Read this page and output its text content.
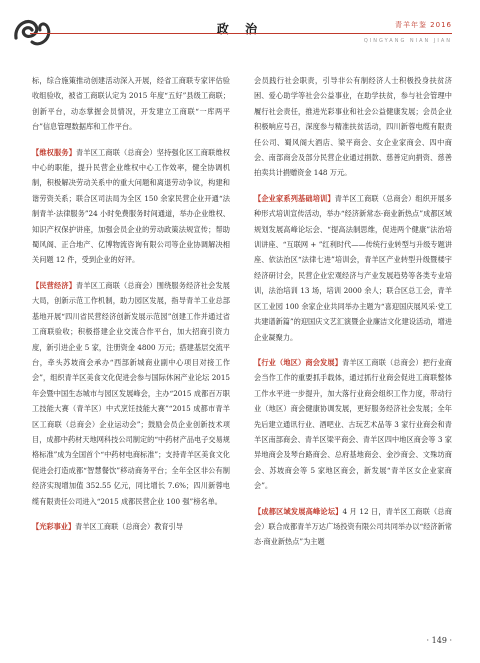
政 治	青羊年鉴 2016
QINGYANG NIAN JIAN

标，综合施策推动创建活动深入开展，经省工商联专家评估验收组验收，被省工商联认定为 2015 年度“五好”县级工商联；创新平台，动态掌握会员情况，开发建立工商联“一库两平台”信息管理数据库和工作平台。

【维权服务】青羊区工商联（总商会）坚持强化区工商联维权中心的职能，提升民营企业维权中心工作效率，健全协调机制，积极解决劳动关系中的重大问题和离退劳动争议，构建和谐劳资关系；联合区司法局为全区 150 余家民营企业开通“法制青羊·法律服务”24 小时免费服务时间通道，举办企业维权、知识产权保护讲座，加强会员企业的劳动政策法规宣传；帮助蜀风阁、正合地产、亿博物流咨询有限公司等企业协调解决相关问题 12 件，受到企业的好评。

【民营经济】青羊区工商联（总商会）围绕服务经济社会发展大局，创新示范工作机制，助力园区发展，指导青羊工业总部基地开展“四川省民营经济创新发展示范园”创建工作并通过省工商联验收；积极搭建企业交流合作平台，加大招商引资力度，新引进企业 5 家，注册资金 4800 万元；搭建基层交流平台，牵头苏坡商会承办“西部新城商业副中心项目对接工作会”，组织青羊区美食文化促进会参与国际休闲产业论坛 2015 年会暨中国生态城市与园区发展峰会，主办“2015 成都百万职工技能大赛（青羊区）中式烹饪技能大赛”“2015 成都市青羊区工商联（总商会）企业运动会”；鼓励会员企业创新技术项目，成都中药材天地网科技公司制定的“中药材产品电子交易规格标准”成为全国首个“中药材电商标准”；支持青羊区美食文化促进会打造成都“智慧餐饮”移动商务平台；全年全区非公有制经济实现增加值 352.55 亿元，同比增长 7.6%；四川新蓉电缆有限责任公司进入“2015 成都民营企业 100 强”榜名单。

【光彩事业】青羊区工商联（总商会）教育引导

会员践行社会职责，引导非公有制经济人士积极投身扶贫济困、爱心助学等社会公益事业，在助学扶贫，参与社会管理中履行社会责任，推进光彩事业和社会公益健康发展；会员企业积极响应号召，深度参与精准扶贫活动，四川新蓉电缆有限责任公司、蜀风阁大酒店、梁平商会、女企业家商会、四中商会、南部商会及部分民营企业通过捐款、慈善定向捐资、慈善拍卖共计捐赠资金 148 万元。

【企业家系列基础培训】青羊区工商联（总商会）组织开展多种形式培训宣传活动，举办“经济新常态·商业新热点”成都区域规划发展高峰论坛会、“提高法制思维，促进两个健康”法治培训讲座、“互联网 + ”红利时代——传统行业转型与升级专题讲座、依法治区“法律七进”培训会，青羊区产业转型升级暨楼宇经济研讨会，民营企业宏观经济与产业发展趋势等各类专业培训，法治培训 13 场，培训 2000 余人；联合区总工会，青羊区工业园 100 余家企业共同举办主题为“喜迎国庆展风采·党工共建谱新篇”的迎国庆文艺汇演暨企业廉洁文化建设活动，增进企业凝聚力。

【行业（地区）商会发展】青羊区工商联（总商会）把行业商会当作工作的重要抓手载体，通过抓行业商会促进工商联整体工作水平进一步提升，加大落行业商会组织工作力度，带动行业（地区）商会健康协调发展，更好服务经济社会发展；全年先后建立通讯行业、酒吧业、古玩艺术品等 3 家行业商会和青羊区南部商会、青羊区梁平商会、青羊区四中地区商会等 3 家异地商会及琴台路商会、总府基地商会、金沙商会、文殊坊商会、苏坡商会等 5 家地区商会，新发展“青羊区女企业家商会”。

【成都区域发展高峰论坛】4 月 12 日，青羊区工商联（总商会）联合成都青羊万达广场投资有限公司共同举办以“经济新常态·商业新热点”为主题

· 149 ·
